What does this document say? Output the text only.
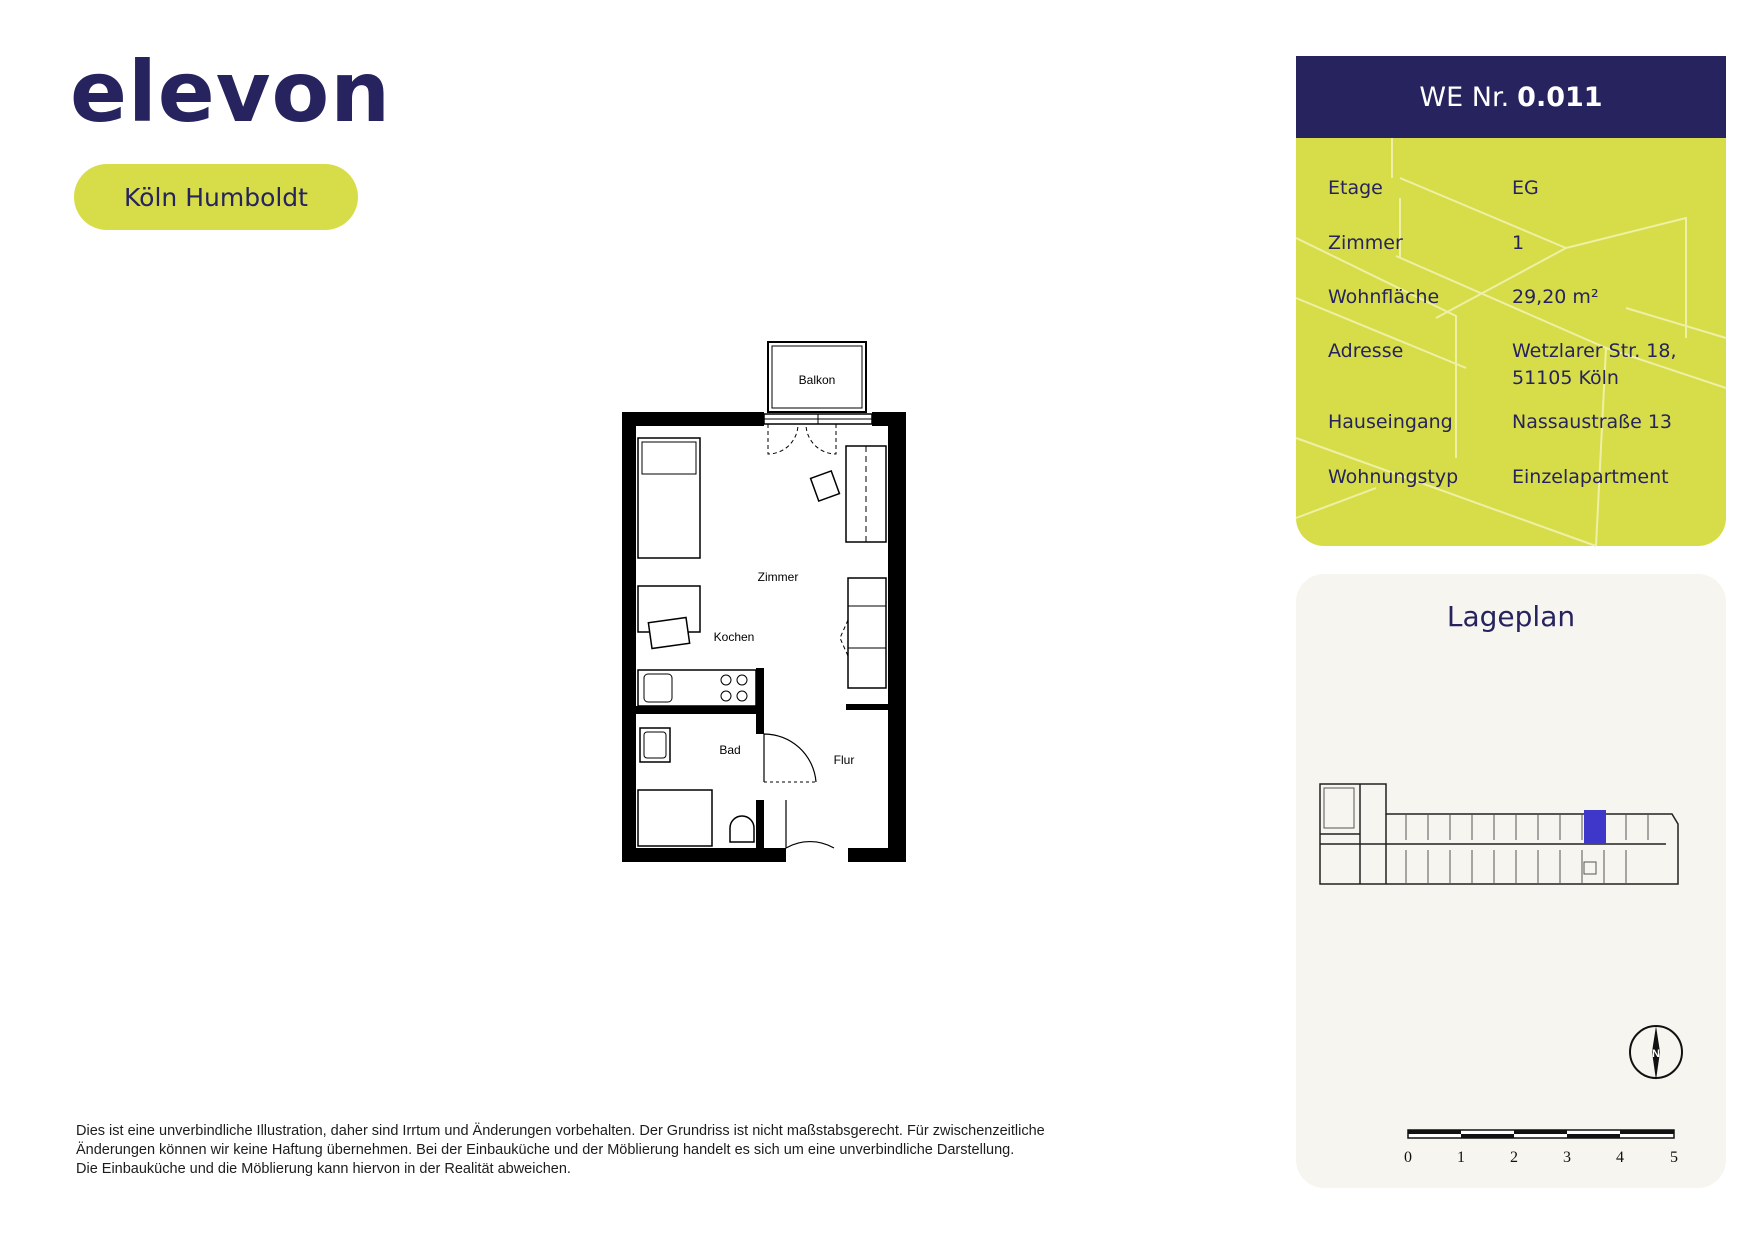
elevon
Köln Humboldt
Balkon
Zimmer
Kochen
Bad
Flur
Dies ist eine unverbindliche Illustration, daher sind Irrtum und Änderungen vorbehalten. Der Grundriss ist nicht maßstabsgerecht. Für zwischenzeitliche
Änderungen können wir keine Haftung übernehmen. Bei der Einbauküche und der Möblierung handelt es sich um eine unverbindliche Darstellung.
Die Einbauküche und die Möblierung kann hiervon in der Realität abweichen.
WE Nr. 0.011
Etage	EG
Zimmer	1
Wohnfläche	29,20 m²
Adresse	Wetzlarer Str. 18,
51105 Köln
Hauseingang	Nassaustraße 13
Wohnungstyp	Einzelapartment
Lageplan
N
0	1	2	3	4	5
